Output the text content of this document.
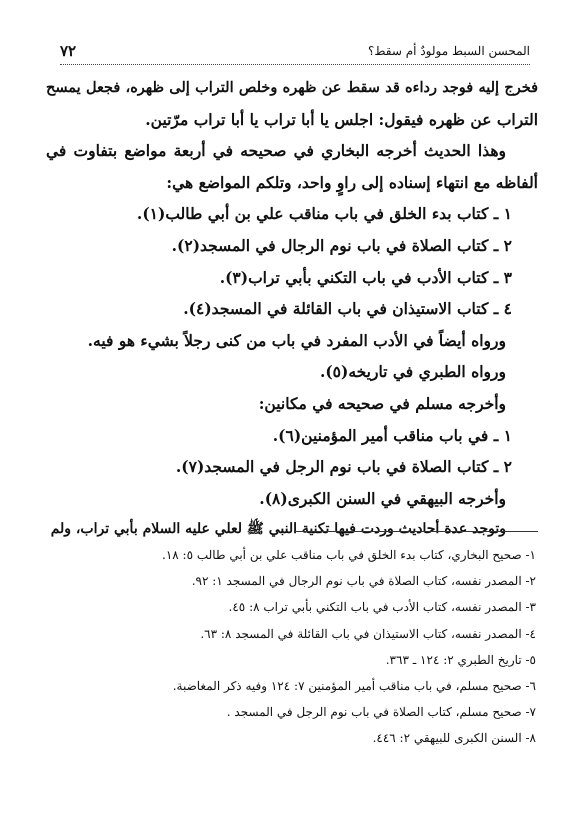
٧٢	المحسن السبط مولودٌ أم سقط؟
فخرج إليه فوجد رداءه قد سقط عن ظهره وخلص التراب إلى ظهره، فجعل يمسح
التراب عن ظهره فيقول: اجلس يا أبا تراب يا أبا تراب مرّتين.
وهذا الحديث أخرجه البخاري في صحيحه في أربعة مواضع بتفاوت في
ألفاظه مع انتهاء إسناده إلى راوٍ واحد، وتلكم المواضع هي:
١ ـ كتاب بدء الخلق في باب مناقب علي بن أبي طالب(١).
٢ ـ كتاب الصلاة في باب نوم الرجال في المسجد(٢).
٣ ـ كتاب الأدب في باب التكني بأبي تراب(٣).
٤ ـ كتاب الاستيذان في باب القائلة في المسجد(٤).
ورواه أيضاً في الأدب المفرد في باب من كنى رجلاً بشيء هو فيه.
ورواه الطبري في تاريخه(٥).
وأخرجه مسلم في صحيحه في مكانين:
١ ـ في باب مناقب أمير المؤمنين(٦).
٢ ـ كتاب الصلاة في باب نوم الرجل في المسجد(٧).
وأخرجه البيهقي في السنن الكبرى(٨).
وتوجد عدة أحاديث وردت فيها تكنية النبي ﷺ لعلي عليه السلام بأبي تراب، ولم
١- صحيح البخاري، كتاب بدء الخلق في باب مناقب علي بن أبي طالب ٥: ١٨.
٢- المصدر نفسه، كتاب الصلاة في باب نوم الرجال في المسجد ١: ٩٢.
٣- المصدر نفسه، كتاب الأدب في باب التكني بأبي تراب ٨: ٤٥.
٤- المصدر نفسه، كتاب الاستيذان في باب القائلة في المسجد ٨: ٦٣.
٥- تاريخ الطبري ٢: ١٢٤ ـ ٣٦٣.
٦- صحيح مسلم، في باب مناقب أمير المؤمنين ٧: ١٢٤ وفيه ذكر المغاضبة.
٧- صحيح مسلم، كتاب الصلاة في باب نوم الرجل في المسجد .
٨- السنن الكبرى للبيهقي ٢: ٤٤٦.
